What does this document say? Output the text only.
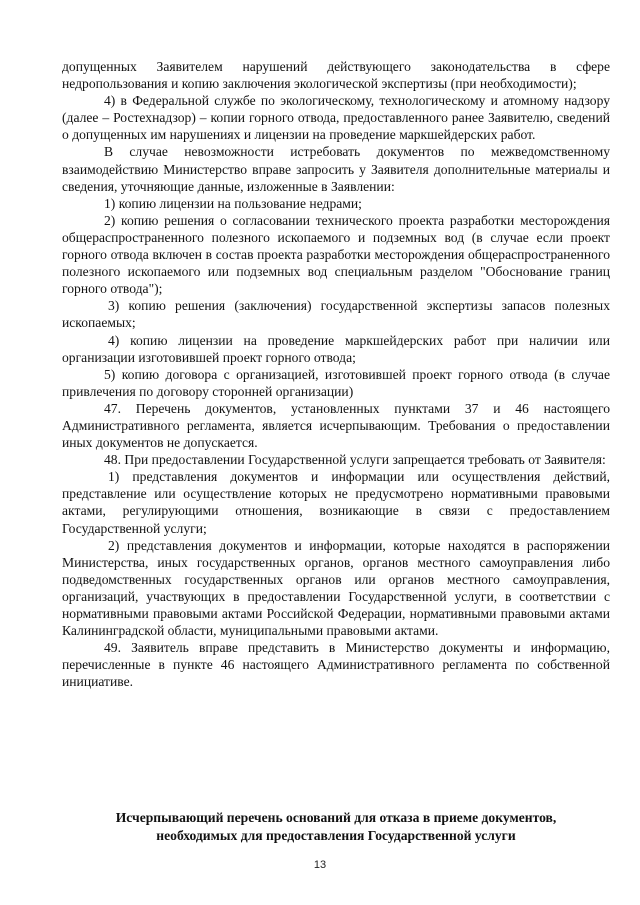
допущенных Заявителем нарушений действующего законодательства в сфере недропользования и копию заключения экологической экспертизы (при необходимости);

4) в Федеральной службе по экологическому, технологическому и атомному надзору (далее – Ростехнадзор) – копии горного отвода, предоставленного ранее Заявителю, сведений о допущенных им нарушениях и лицензии на проведение маркшейдерских работ.

В случае невозможности истребовать документов по межведомственному взаимодействию Министерство вправе запросить у Заявителя дополнительные материалы и сведения, уточняющие данные, изложенные в Заявлении:

1) копию лицензии на пользование недрами;

2) копию решения о согласовании технического проекта разработки месторождения общераспространенного полезного ископаемого и подземных вод (в случае если проект горного отвода включен в состав проекта разработки месторождения общераспространенного полезного ископаемого или подземных вод специальным разделом "Обоснование границ горного отвода");

3) копию решения (заключения) государственной экспертизы запасов полезных ископаемых;

4) копию лицензии на проведение маркшейдерских работ при наличии или организации изготовившей проект горного отвода;

5) копию договора с организацией, изготовившей проект горного отвода (в случае привлечения по договору сторонней организации)

47. Перечень документов, установленных пунктами 37 и 46 настоящего Административного регламента, является исчерпывающим. Требования о предоставлении иных документов не допускается.

48. При предоставлении Государственной услуги запрещается требовать от Заявителя:

1) представления документов и информации или осуществления действий, представление или осуществление которых не предусмотрено нормативными правовыми актами, регулирующими отношения, возникающие в связи с предоставлением Государственной услуги;

2) представления документов и информации, которые находятся в распоряжении Министерства, иных государственных органов, органов местного самоуправления либо подведомственных государственных органов или органов местного самоуправления, организаций, участвующих в предоставлении Государственной услуги, в соответствии с нормативными правовыми актами Российской Федерации, нормативными правовыми актами Калининградской области, муниципальными правовыми актами.

49. Заявитель вправе представить в Министерство документы и информацию, перечисленные в пункте 46 настоящего Административного регламента по собственной инициативе.

Исчерпывающий перечень оснований для отказа в приеме документов,
необходимых для предоставления Государственной услуги
13
